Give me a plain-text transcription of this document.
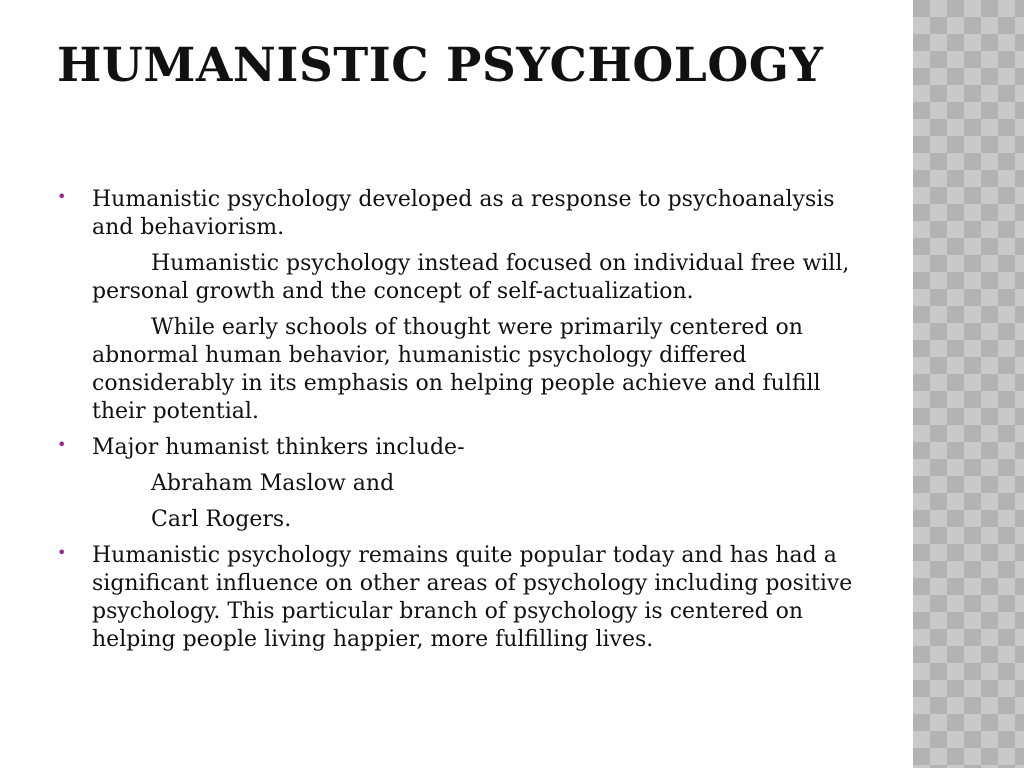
HUMANISTIC PSYCHOLOGY

• Humanistic psychology developed as a response to psychoanalysis and behaviorism.

Humanistic psychology instead focused on individual free will, personal growth and the concept of self-actualization.

While early schools of thought were primarily centered on abnormal human behavior, humanistic psychology differed considerably in its emphasis on helping people achieve and fulfill their potential.

• Major humanist thinkers include-

Abraham Maslow and

Carl Rogers.

• Humanistic psychology remains quite popular today and has had a significant influence on other areas of psychology including positive psychology. This particular branch of psychology is centered on helping people living happier, more fulfilling lives.
